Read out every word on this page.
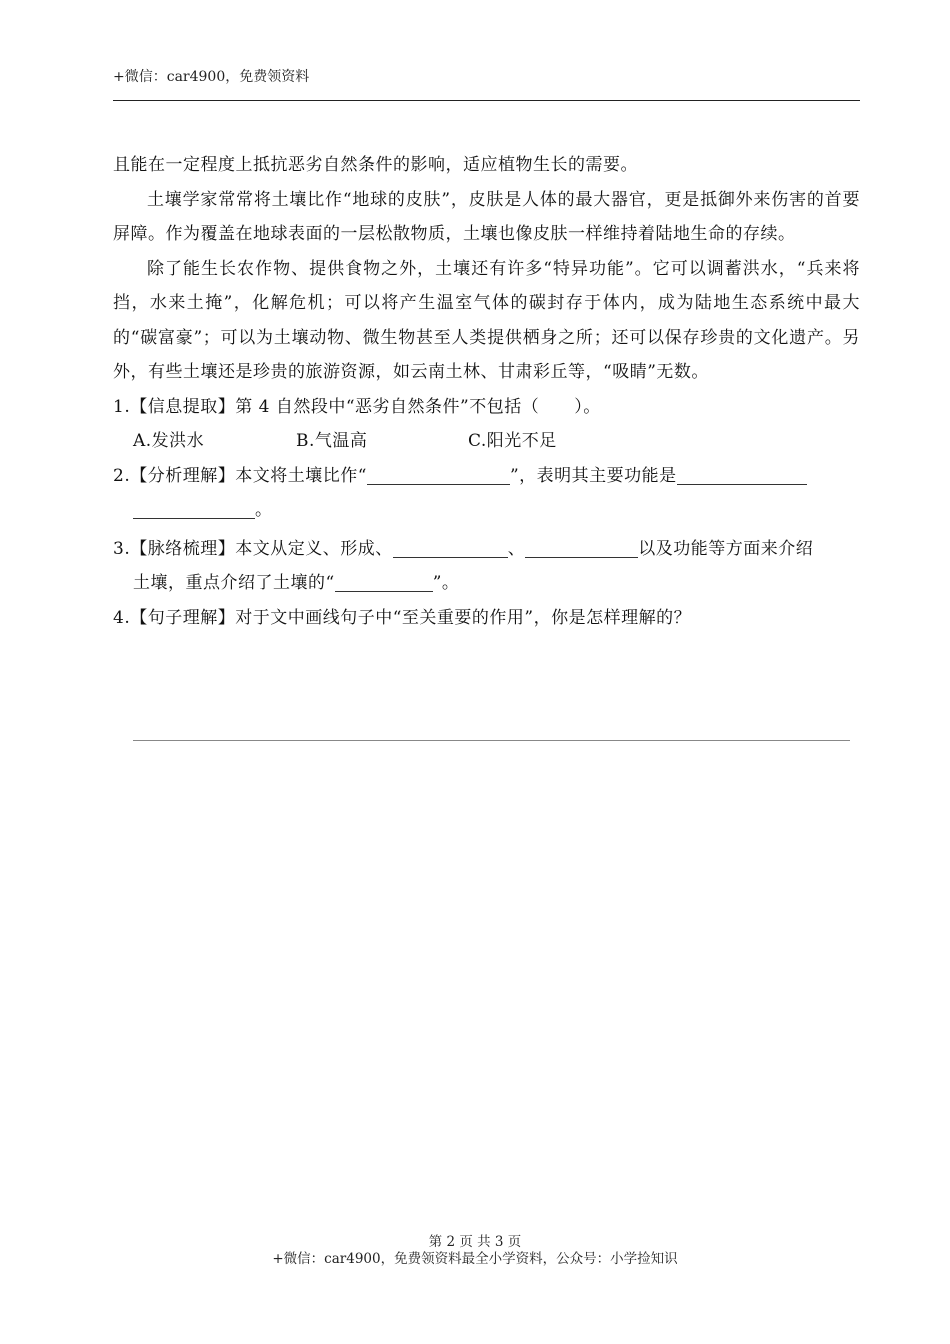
+微信：car4900，免费领资料

且能在一定程度上抵抗恶劣自然条件的影响，适应植物生长的需要。

土壤学家常常将土壤比作“地球的皮肤”，皮肤是人体的最大器官，更是抵御外来伤害的首要屏障。作为覆盖在地球表面的一层松散物质，土壤也像皮肤一样维持着陆地生命的存续。

除了能生长农作物、提供食物之外，土壤还有许多“特异功能”。它可以调蓄洪水，“兵来将挡，水来土掩”，化解危机；可以将产生温室气体的碳封存于体内，成为陆地生态系统中最大的“碳富豪”；可以为土壤动物、微生物甚至人类提供栖身之所；还可以保存珍贵的文化遗产。另外，有些土壤还是珍贵的旅游资源，如云南土林、甘肃彩丘等，“吸睛”无数。

1.【信息提取】第 4 自然段中“恶劣自然条件”不包括（　　）。
A.发洪水	B.气温高	C.阳光不足
2.【分析理解】本文将土壤比作“	”，表明其主要功能是
。
3.【脉络梳理】本文从定义、形成、	、	以及功能等方面来介绍
土壤，重点介绍了土壤的“	”。
4.【句子理解】对于文中画线句子中“至关重要的作用”，你是怎样理解的？
第 2 页 共 3 页
+微信：car4900，免费领资料最全小学资料，公众号：小学捡知识
